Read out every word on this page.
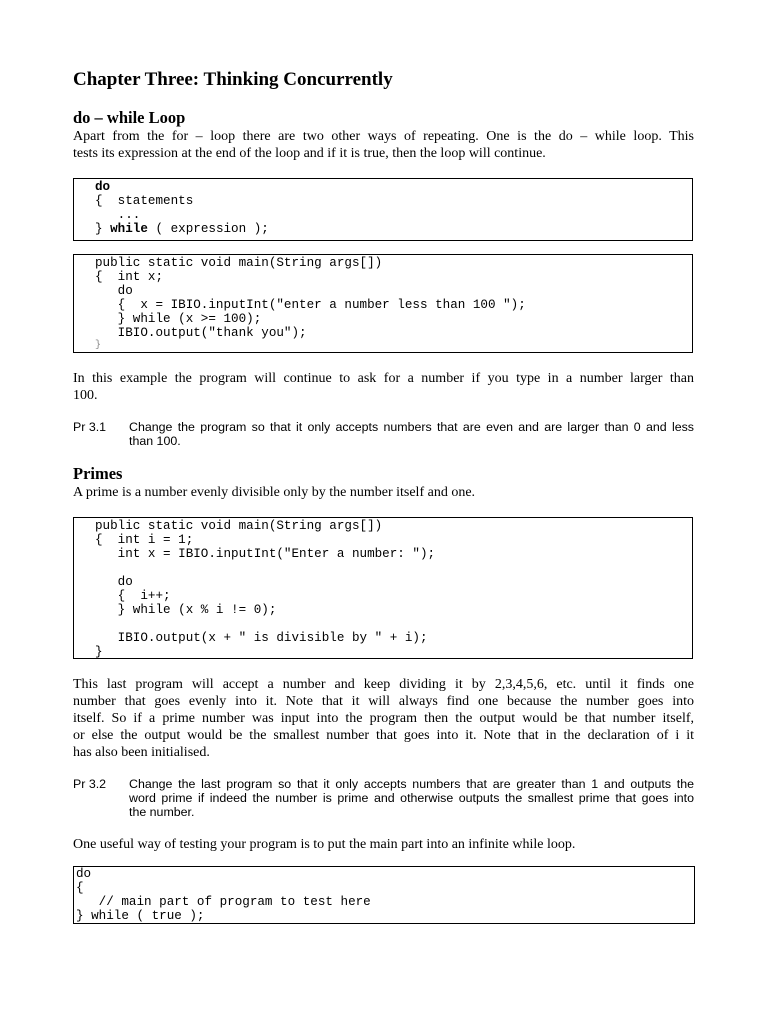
Chapter Three: Thinking Concurrently
do – while Loop

Apart from the for – loop there are two other ways of repeating. One is the do – while loop. This
tests its expression at the end of the loop and if it is true, then the loop will continue.

do
{  statements
...
} while ( expression );
public static void main(String args[])
{  int x;
do
{  x = IBIO.inputInt("enter a number less than 100 ");
} while (x >= 100);
IBIO.output("thank you");
}

In this example the program will continue to ask for a number if you type in a number larger than
100.

Pr 3.1 Change the program so that it only accepts numbers that are even and are larger than 0 and less
than 100.
Primes

A prime is a number evenly divisible only by the number itself and one.

public static void main(String args[])
{  int i = 1;
int x = IBIO.inputInt("Enter a number: ");

do
{  i++;
} while (x % i != 0);

IBIO.output(x + " is divisible by " + i);
}

This last program will accept a number and keep dividing it by 2,3,4,5,6, etc. until it finds one
number that goes evenly into it. Note that it will always find one because the number goes into
itself. So if a prime number was input into the program then the output would be that number itself,
or else the output would be the smallest number that goes into it. Note that in the declaration of i it
has also been initialised.

Pr 3.2 Change the last program so that it only accepts numbers that are greater than 1 and outputs the
word prime if indeed the number is prime and otherwise outputs the smallest prime that goes into
the number.

One useful way of testing your program is to put the main part into an infinite while loop.

do
{
// main part of program to test here
} while ( true );
